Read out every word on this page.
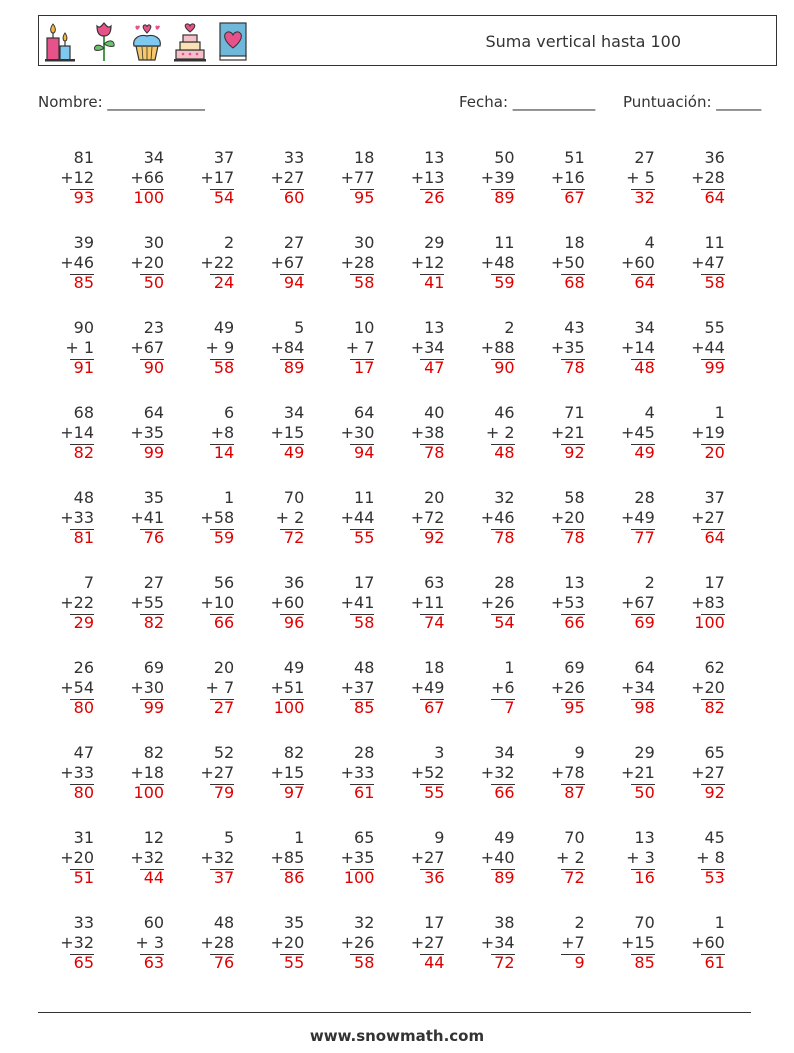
Suma vertical hasta 100
Nombre: _____________	Fecha: ___________ Puntuación: ______
81
+12
93
34
+66
100
37
+17
54
33
+27
60
18
+77
95
13
+13
26
50
+39
89
51
+16
67
27
+ 5
32
36
+28
64
39
+46
85
30
+20
50
2
+22
24
27
+67
94
30
+28
58
29
+12
41
11
+48
59
18
+50
68
4
+60
64
11
+47
58
90
+ 1
91
23
+67
90
49
+ 9
58
5
+84
89
10
+ 7
17
13
+34
47
2
+88
90
43
+35
78
34
+14
48
55
+44
99
68
+14
82
64
+35
99
6
+8
14
34
+15
49
64
+30
94
40
+38
78
46
+ 2
48
71
+21
92
4
+45
49
1
+19
20
48
+33
81
35
+41
76
1
+58
59
70
+ 2
72
11
+44
55
20
+72
92
32
+46
78
58
+20
78
28
+49
77
37
+27
64
7
+22
29
27
+55
82
56
+10
66
36
+60
96
17
+41
58
63
+11
74
28
+26
54
13
+53
66
2
+67
69
17
+83
100
26
+54
80
69
+30
99
20
+ 7
27
49
+51
100
48
+37
85
18
+49
67
1
+6
7
69
+26
95
64
+34
98
62
+20
82
47
+33
80
82
+18
100
52
+27
79
82
+15
97
28
+33
61
3
+52
55
34
+32
66
9
+78
87
29
+21
50
65
+27
92
31
+20
51
12
+32
44
5
+32
37
1
+85
86
65
+35
100
9
+27
36
49
+40
89
70
+ 2
72
13
+ 3
16
45
+ 8
53
33
+32
65
60
+ 3
63
48
+28
76
35
+20
55
32
+26
58
17
+27
44
38
+34
72
2
+7
9
70
+15
85
1
+60
61
www.snowmath.com
